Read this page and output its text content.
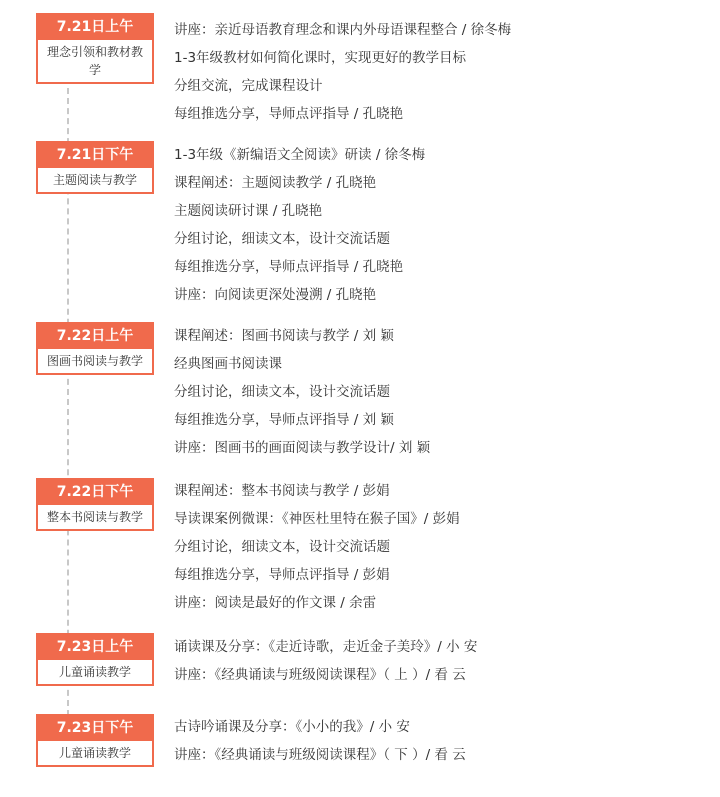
7.21日上午
理念引领和教材教学
讲座：亲近母语教育理念和课内外母语课程整合 / 徐冬梅
1-3年级教材如何简化课时，实现更好的教学目标
分组交流，完成课程设计
每组推选分享，导师点评指导 / 孔晓艳
7.21日下午
主题阅读与教学
1-3年级《新编语文全阅读》研读 / 徐冬梅
课程阐述：主题阅读教学 / 孔晓艳
主题阅读研讨课 / 孔晓艳
分组讨论，细读文本，设计交流话题
每组推选分享，导师点评指导 / 孔晓艳
讲座：向阅读更深处漫溯 / 孔晓艳
7.22日上午
图画书阅读与教学
课程阐述：图画书阅读与教学 / 刘 颖
经典图画书阅读课
分组讨论，细读文本，设计交流话题
每组推选分享，导师点评指导 / 刘 颖
讲座：图画书的画面阅读与教学设计/ 刘 颖
7.22日下午
整本书阅读与教学
课程阐述：整本书阅读与教学 / 彭娟
导读课案例微课：《神医杜里特在猴子国》/ 彭娟
分组讨论，细读文本，设计交流话题
每组推选分享，导师点评指导 / 彭娟
讲座：阅读是最好的作文课 / 余雷
7.23日上午
儿童诵读教学
诵读课及分享：《走近诗歌，走近金子美玲》/ 小 安
讲座：《经典诵读与班级阅读课程》（ 上 ）/ 看 云
7.23日下午
儿童诵读教学
古诗吟诵课及分享：《小小的我》/ 小 安
讲座：《经典诵读与班级阅读课程》（ 下 ）/ 看 云
